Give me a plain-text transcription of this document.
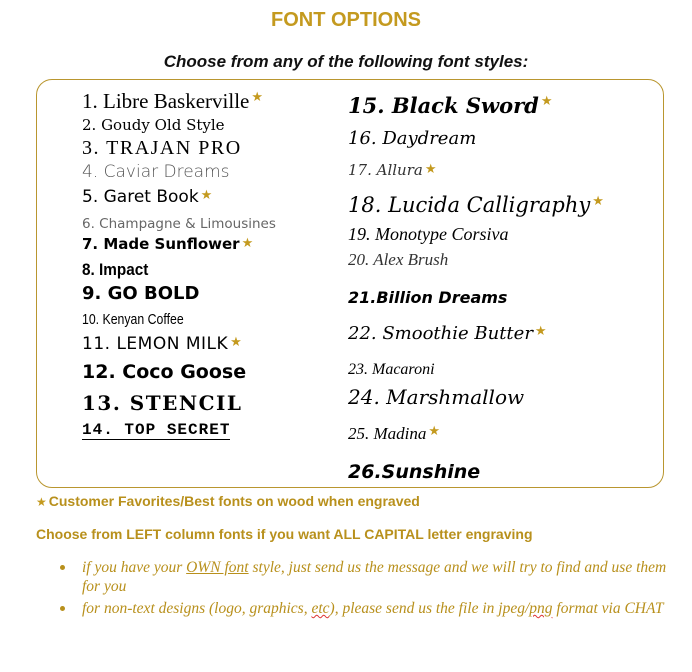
FONT OPTIONS
Choose from any of the following font styles:
1. Libre Baskerville ★
2. Goudy Old Style
3. TRAJAN PRO
4. Caviar Dreams
5. Garet Book ★
6. Champagne & Limousines
7. Made Sunflower ★
8. Impact
9. GO BOLD
10. Kenyan Coffee
11. LEMON MILK ★
12. Coco Goose
13. STENCIL
14. TOP SECRET
15. Black Sword ★
16. Daydream
17. Allura ★
18. Lucida Calligraphy ★
19. Monotype Corsiva
20. Alex Brush
21.Billion Dreams
22. Smoothie Butter ★
23. Macaroni
24. Marshmallow
25. Madina ★
26.Sunshine
★ Customer Favorites/Best fonts on wood when engraved
Choose from LEFT column fonts if you want ALL CAPITAL letter engraving
if you have your OWN font style, just send us the message and we will try to find and use them for you
for non-text designs (logo, graphics, etc), please send us the file in jpeg/png format via CHAT
